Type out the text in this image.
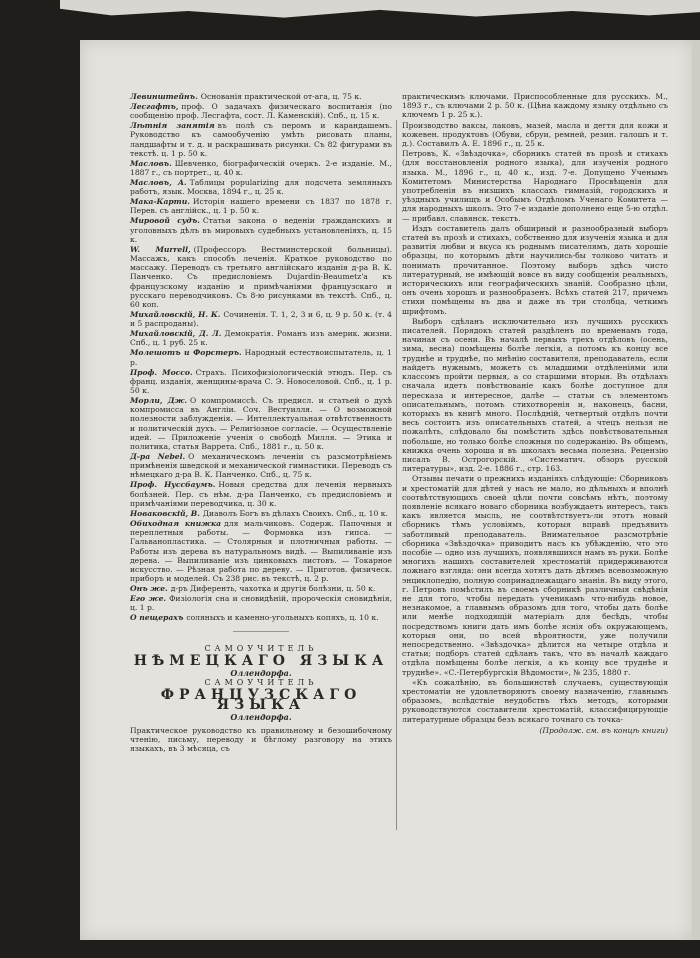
Левинштейнъ. Основанія практической от-ага, ц. 75 к.
Лесгафтъ, проф. О задачахъ физическаго воспитанія (по сообщенію проф. Лесгафта, сост. Л. Каменскій). Спб., ц. 15 к.
Лѣтнія занятія въ полѣ съ перомъ и карандашемъ. Руководство къ самообученію умѣть рисовать планы, ландшафты и т. д. и раскрашивать рисунки. Съ 82 фигурами въ текстѣ. ц. 1 р. 50 к.
Масловъ. Шевченко, біографическій очеркъ. 2-е изданіе. М., 1887 г., съ портрет., ц. 40 к.
Масловъ, А. Таблицы popularizing для подсчета земляныхъ работъ, язык. Москва, 1894 г., ц. 25 к.
Мака-Карти. Исторія нашего времени съ 1837 по 1878 г. Перев. съ англійск., ц. 1 р. 50 к.
Мировой судъ. Статьи закона о веденіи гражданскихъ и уголовныхъ дѣлъ въ мировыхъ судебныхъ установленіяхъ, ц. 15 к.
W. Murrell, (Профессоръ Вестминстерской больницы). Массажъ, какъ способъ леченія. Краткое руководство по массажу. Переводъ съ третьяго англійскаго изданія д-ра В. К. Панченко. Съ предисловіемъ Dujardin-Beaumetz'а къ французскому изданію и примѣчаніями французскаго и русскаго переводчиковъ. Съ 8-ю рисунками въ текстѣ. Спб., ц. 60 коп.
Михайловскій, Н. К. Сочиненія. Т. 1, 2, 3 и 6, ц. 9 р. 50 к. (т. 4 и 5 распроданы).
Михайловскій, Д. Л. Демократія. Романъ изъ америк. жизни. Спб., ц. 1 руб. 25 к.
Молешотъ и Форстеръ. Народный естествоиспытатель, ц. 1 р.
Проф. Моссо. Страхъ. Психофизіологическій этюдъ. Пер. съ франц. изданія, женщины-врача С. Э. Новоселовой. Спб., ц. 1 р. 50 к.
Морли, Дж. О компромиссѣ. Съ предисл. и статьей о духѣ компромисса въ Англіи. Соч. Вестуилля. — О возможной полезности заблужденія. — Интеллектуальная отвѣтственность и политическій духъ. — Религіозное согласіе. — Осуществленіе идей. — Приложеніе ученія о свободѣ Милля. — Этика и политика, статья Варрета. Спб., 1881 г., ц. 50 к.
Д-ра Nebel. О механическомъ леченіи съ разсмотрѣніемъ примѣненія шведской и механической гимнастики. Переводъ съ нѣмецкаго д-ра В. К. Панченко. Спб., ц. 75 к.
Проф. Нуссбаумъ. Новыя средства для леченія нервныхъ болѣзней. Пер. съ нѣм. д-ра Панченко, съ предисловіемъ и примѣчаніями переводчика, ц. 30 к.
Новаковскій, В. Диаволъ Богъ въ дѣлахъ Своихъ. Спб., ц. 10 к.
Обиходная книжка для мальчиковъ. Содерж. Папочныя и переплетныя работы. — Формовка изъ гипса. — Гальванопластика. — Столярныя и плотничныя работы. — Работы изъ дерева въ натуральномъ видѣ. — Выпиливаніе изъ дерева. — Выпиливаніе изъ цинковыхъ листовъ. — Токарное искусство. — Рѣзная работа по дереву. — Приготов. физическ. приборъ и моделей. Съ 238 рис. въ текстѣ, ц. 2 р.
Онъ же. д-ръ Диференть, чахотка и другія болѣзни, ц. 50 к.
Его же. Физіологія сна и сновидѣній, пророческія сновидѣнія, ц. 1 р.
О пещерахъ соляныхъ и каменно-угольныхъ копяхъ, ц. 10 к.
САМОУЧИТЕЛЬ
НѢМЕЦКАГО ЯЗЫКА
Оллендорфа.
САМОУЧИТЕЛЬ
ФРАНЦУЗСКАГО ЯЗЫКА
Оллендорфа.
Практическое руководство къ правильному и безошибочному чтенію, письму, переводу и бѣглому разговору на этихъ языкахъ, въ 3 мѣсяца, съ
практическимъ ключами. Приспособленные для русскихъ. М., 1893 г., съ ключами 2 р. 50 к. (Цѣна каждому языку отдѣльно съ ключемъ 1 р. 25 к.).
Производство ваксы, лаковъ, мазей, масла и дегтя для кожи и кожевен. продуктовъ (Обуви, сбруи, ремней, резин. галошъ и т. д.). Составилъ А. Е. 1896 г., ц. 25 к.
Петровъ, К. «Звѣздочка», сборникъ статей въ прозѣ и стихахъ (для восстановленія родного языка), для изученія родного языка. М., 1896 г., ц. 40 к., изд. 7-е. Допущено Ученымъ Комитетомъ Министерства Народнаго Просвѣщенія для употребленія въ низшихъ классахъ гимназій, городскихъ и уѣздныхъ училищъ и Особымъ Отдѣломъ Ученаго Комитета — для народныхъ школъ. Это 7-е изданіе дополнено еще 5-ю отдѣл. — прибавл. славянск. текстъ.
Издъ составитель далъ обширный и разнообразный выборъ статей въ прозѣ и стихахъ, собственно для изученія языка и для развитія любви и вкуса къ роднымъ писателямъ, дать хорошіе образцы, по которымъ дѣти научились-бы толково читать и понимать прочитанное. Поэтому выборъ здѣсь чисто литературный, не имѣющій вовсе въ виду сообщенія реальныхъ, историческихъ или географическихъ знаній. Сообразно цѣли, онъ очень хорошъ и разнообразенъ. Всѣхъ статей 217, причемъ стихи помѣщены въ два и даже въ три столбца, четкимъ шрифтомъ.
Выборъ сдѣланъ исключительно изъ лучшихъ русскихъ писателей. Порядокъ статей раздѣленъ по временамъ года, начиная съ осени. Въ началѣ первыхъ трехъ отдѣловъ (осень, зима, весна) помѣщены болѣе легкія, а потомъ къ концу все труднѣе и труднѣе, по мнѣнію составителя, преподаватель, если найдетъ нужнымъ, можетъ съ младшими отдѣленіями или классомъ пройти первыя, а со старшими вторыя. Въ отдѣлахъ сначала идетъ повѣствованіе какъ болѣе доступное для пересказа и интересное, далѣе — статьи съ элементомъ описательнымъ, потомъ стихотворенія и, наконецъ, басни, которыхъ въ книгѣ много. Послѣдній, четвертый отдѣлъ почти весь состоитъ изъ описательныхъ статей, а чтецъ нельзя не пожалѣть, слѣдовало бы помѣстить здѣсь повѣствовательныя побольше, но только болѣе сложныя по содержанію. Въ общемъ, книжка очень хороша и въ школахъ весьма полезна. Рецензію писалъ В. Острогорскій. «Систематич. обзоръ русской литературы», изд. 2-е. 1886 г., стр. 163.
Отзывы печати о прежнихъ изданіяхъ слѣдующіе: Сборниковъ и хрестоматій для дѣтей у насъ не мало, но дѣльныхъ и вполнѣ соотвѣтствующихъ своей цѣли почти совсѣмъ нѣтъ, поэтому появленіе всякаго новаго сборника возбуждаетъ интересъ, такъ какъ является мысль, не соотвѣтствуетъ-ли этотъ новый сборникъ тѣмъ условіямъ, которыя вправѣ предъявить заботливый преподаватель. Внимательное разсмотрѣніе сборника «Звѣздочка» приводитъ насъ къ убѣжденію, что это пособіе — одно изъ лучшихъ, появлявшихся намъ въ руки. Болѣе многихъ нашихъ составителей хрестоматій придерживаются ложнаго взгляда: они всегда хотятъ дать дѣтямъ всевозможную энциклопедію, полную сопринадлежащаго знанія. Въ виду этого, г. Петровъ помѣстилъ въ своемъ сборникѣ различныя свѣдѣнія не для того, чтобы передать ученикамъ что-нибудь новое, незнакомое, а главнымъ образомъ для того, чтобы дать болѣе или менѣе подходящій матеріалъ для бесѣдъ, чтобы посредствомъ книги дать имъ болѣе яснія объ окружающемъ, которыя они, по всей вѣроятности, уже получили непосредственно. «Звѣздочка» дѣлится на четыре отдѣла и статьи; подборъ статей сдѣланъ такъ, что въ началѣ каждаго отдѣла помѣщены болѣе легкія, а къ концу все труднѣе и труднѣе». «С.-Петербургскія Вѣдомости», № 235, 1880 г.
«Къ сожалѣнію, въ большинствѣ случаевъ, существующія хрестоматіи не удовлетворяютъ своему назначенію, главнымъ образомъ, вслѣдствіе неудобствъ тѣхъ методъ, которыми руководствуются составители хрестоматій, классифицирующіе литературные образцы безъ всякаго точнаго съ точка-
(Продолж. см. въ концѣ книги)
